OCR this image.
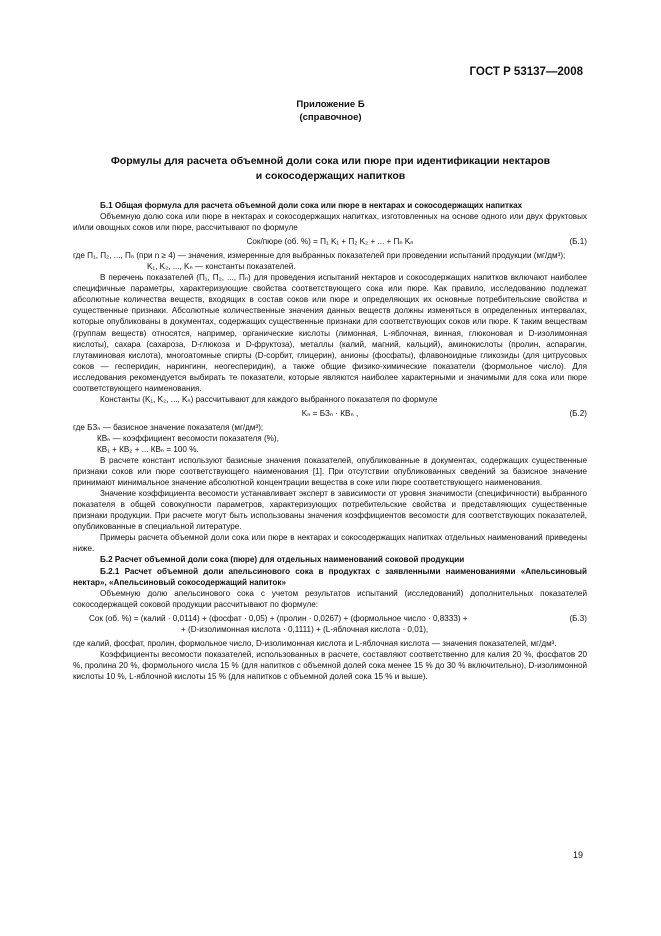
ГОСТ Р 53137—2008
Приложение Б
(справочное)
Формулы для расчета объемной доли сока или пюре при идентификации нектаров
и сокосодержащих напитков

Б.1 Общая формула для расчета объемной доли сока или пюре в нектарах и сокосодержащих напитках

Объемную долю сока или пюре в нектарах и сокосодержащих напитках, изготовленных на основе одного или двух фруктовых и/или овощных соков или пюре, рассчитывают по формуле

Сок/пюре (об. %) = П₁ K₁ + П₂ K₂ + ... + Пₙ Kₙ	(Б.1)

где П₁, П₂, ..., Пₙ (при n ≥ 4) — значения, измеренные для выбранных показателей при проведении испытаний продукции (мг/дм³);

K₁, K₂, ..., Kₙ — константы показателей.

В перечень показателей (П₁, П₂, ..., Пₙ) для проведения испытаний нектаров и сокосодержащих напитков включают наиболее специфичные параметры, характеризующие свойства соответствующего сока или пюре. Как правило, исследованию подлежат абсолютные количества веществ, входящих в состав соков или пюре и определяющих их основные потребительские свойства и существенные признаки. Абсолютные количественные значения данных веществ должны изменяться в определенных интервалах, которые опубликованы в документах, содержащих существенные признаки для соответствующих соков или пюре. К таким веществам (группам веществ) относятся, например, органические кислоты (лимонная, L-яблочная, винная, глюконовая и D-изолимонная кислоты), сахара (сахароза, D-глюкоза и D-фруктоза), металлы (калий, магний, кальций), аминокислоты (пролин, аспарагин, глутаминовая кислота), многоатомные спирты (D-сорбит, глицерин), анионы (фосфаты), флавоноидные гликозиды (для цитрусовых соков — гесперидин, нарингинн, неогесперидин), а также общие физико-химические показатели (формольное число). Для исследования рекомендуется выбирать те показатели, которые являются наиболее характерными и значимыми для сока или пюре соответствующего наименования.

Константы (K₁, K₂, ..., Kₙ) рассчитывают для каждого выбранного показателя по формуле

Kₙ = БЗₙ · КВₙ ,	(Б.2)

где БЗₙ — базисное значение показателя (мг/дм³);

КВₙ — коэффициент весомости показателя (%),

КВ₁ + КВ₂ + ... КВₙ = 100 %.

В расчете констант используют базисные значения показателей, опубликованные в документах, содержащих существенные признаки соков или пюре соответствующего наименования [1]. При отсутствии опубликованных сведений за базисное значение принимают минимальное значение абсолютной концентрации вещества в соке или пюре соответствующего наименования.

Значение коэффициента весомости устанавливает эксперт в зависимости от уровня значимости (специфичности) выбранного показателя в общей совокупности параметров, характеризующих потребительские свойства и представляющих существенные признаки продукции. При расчете могут быть использованы значения коэффициентов весомости для соответствующих показателей, опубликованные в специальной литературе.

Примеры расчета объемной доли сока или пюре в нектарах и сокосодержащих напитках отдельных наименований приведены ниже.

Б.2 Расчет объемной доли сока (пюре) для отдельных наименований соковой продукции

Б.2.1 Расчет объемной доли апельсинового сока в продуктах с заявленными наименованиями «Апельсиновый нектар», «Апельсиновый сокосодержащий напиток»

Объемную долю апельсинового сока с учетом результатов испытаний (исследований) дополнительных показателей сокосодержащей соковой продукции рассчитывают по формуле:

Сок (об. %) = (калий · 0,0114) + (фосфат · 0,05) + (пролин · 0,0267) + (формольное число · 0,8333) +
+ (D-изолимонная кислота · 0,1111) + (L-яблочная кислота · 0,01),
(Б.3)

где калий, фосфат, пролин, формольное число, D-изолимонная кислота и L-яблочная кислота — значения показателей, мг/дм³.

Коэффициенты весомости показателей, использованных в расчете, составляют соответственно для калия 20 %, фосфатов 20 %, пролина 20 %, формольного числа 15 % (для напитков с объемной долей сока менее 15 % до 30 % включительно), D-изолимонной кислоты 10 %, L-яблочной кислоты 15 % (для напитков с объемной долей сока 15 % и выше).

19
